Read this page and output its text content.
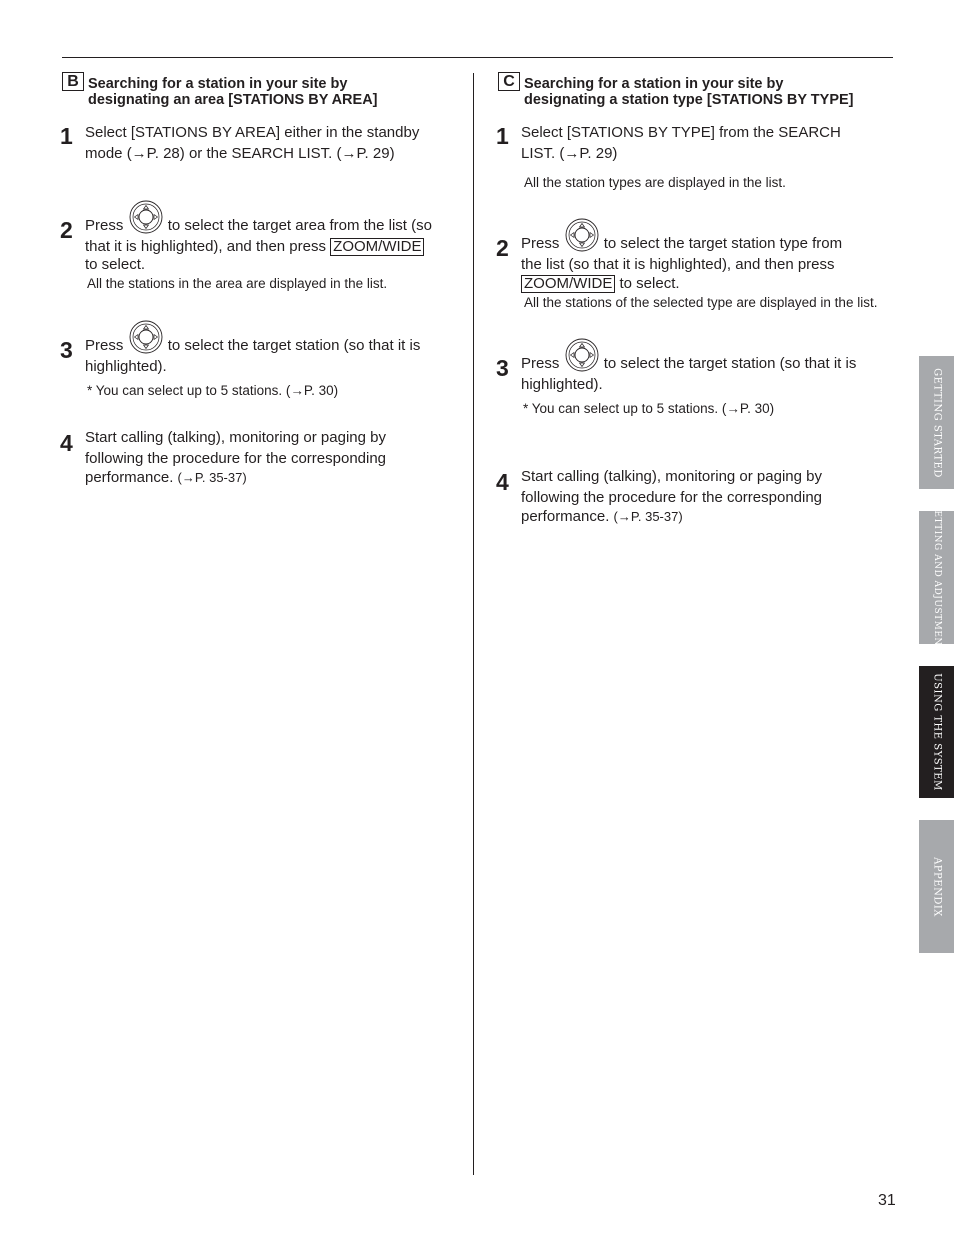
B Searching for a station in your site by
designating an area [STATIONS BY AREA]
1 Select [STATIONS BY AREA] either in the standby
mode (→P. 28) or the SEARCH LIST. (→P. 29)
2 Press	to select the target area from the list (so
that it is highlighted), and then press ZOOM/WIDE
to select.
All the stations in the area are displayed in the list.
3 Press	to select the target station (so that it is
highlighted).
* You can select up to 5 stations. (→P. 30)
4 Start calling (talking), monitoring or paging by
following the procedure for the corresponding
performance. (→P. 35-37)
C Searching for a station in your site by
designating a station type [STATIONS BY TYPE]
1 Select [STATIONS BY TYPE] from the SEARCH
LIST. (→P. 29)
All the station types are displayed in the list.
2 Press	to select the target station type from
the list (so that it is highlighted), and then press
ZOOM/WIDE to select.
All the stations of the selected type are displayed in the list.
3 Press	to select the target station (so that it is
highlighted).
* You can select up to 5 stations. (→P. 30)
4 Start calling (talking), monitoring or paging by
following the procedure for the corresponding
performance. (→P. 35-37)
GETTING STARTED
SETTING AND ADJUSTMENT
USING THE SYSTEM
APPENDIX
31
